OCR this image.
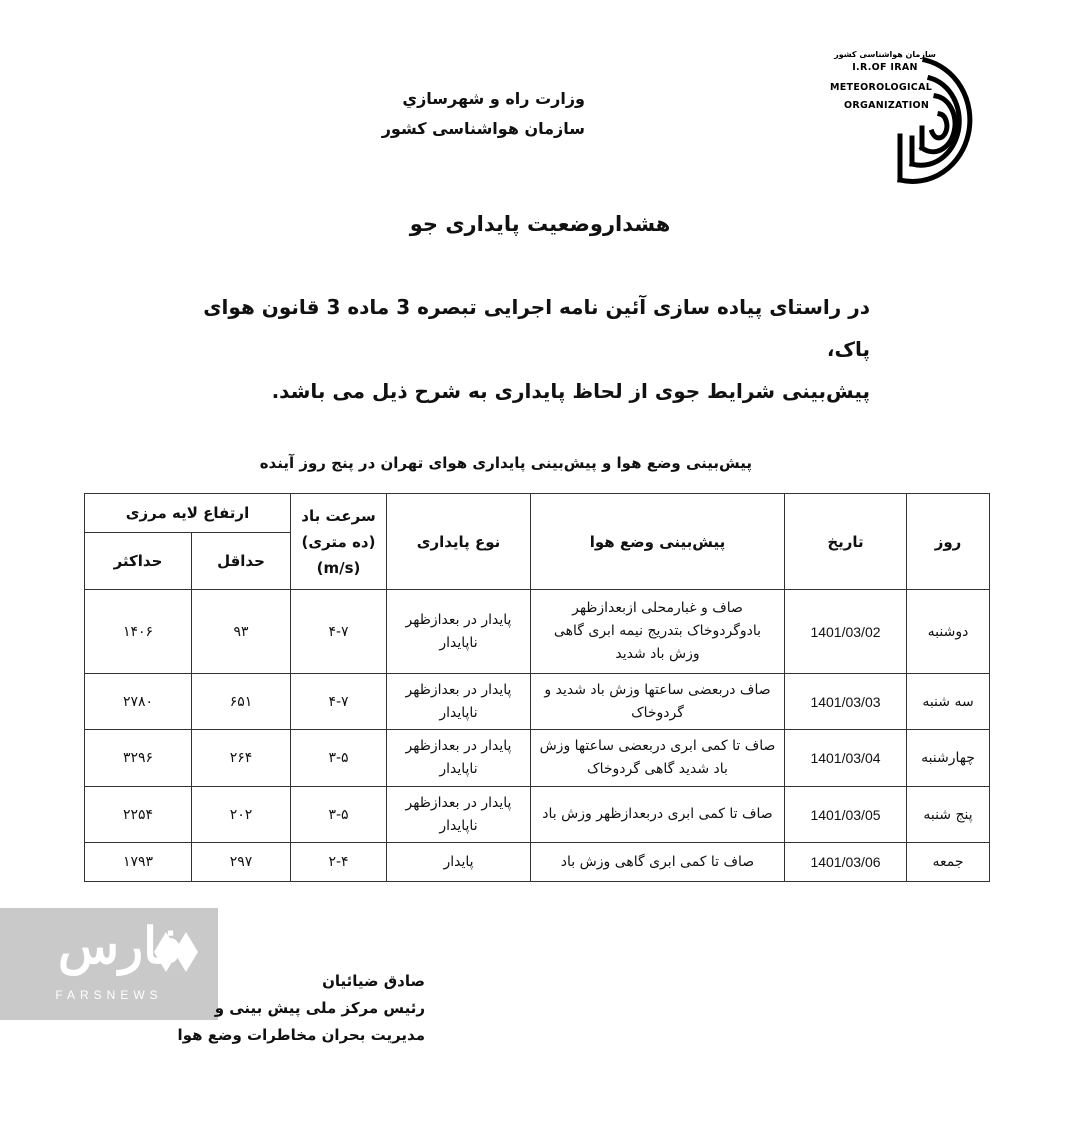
وزارت راه و شهرسازي
سازمان هواشناسی کشور
سازمان هواشناسی کشور
I.R.OF IRAN
METEOROLOGICAL
ORGANIZATION
هشداروضعیت پایداری جو
در راستای پیاده سازی آئین نامه اجرایی تبصره 3 ماده 3 قانون هوای پاک،
پیش‌بینی شرایط جوی از لحاظ پایداری به شرح ذیل می باشد.
پیش‌بینی وضع هوا و پیش‌بینی پایداری هوای تهران در پنج روز آینده
روز	تاریخ	پیش‌بینی وضع هوا	نوع پایداری	سرعت باد (ده متری) (m/s)	ارتفاع لایه مرزی	
					حداقل	حداکثر
دوشنبه	1401/03/02	صاف و غبارمحلی ازبعدازظهر بادوگردوخاک بتدریج نیمه ابری گاهی وزش باد شدید	پایدار در بعدازظهر ناپایدار	۴-۷	۹۳	۱۴۰۶
سه شنبه	1401/03/03	صاف دربعضی ساعتها وزش باد شدید و گردوخاک	پایدار در بعدازظهر ناپایدار	۴-۷	۶۵۱	۲۷۸۰
چهارشنبه	1401/03/04	صاف تا کمی ابری دربعضی ساعتها وزش باد شدید گاهی گردوخاک	پایدار در بعدازظهر ناپایدار	۳-۵	۲۶۴	۳۲۹۶
پنج شنبه	1401/03/05	صاف تا کمی ابری دربعدازظهر وزش باد	پایدار در بعدازظهر ناپایدار	۳-۵	۲۰۲	۲۲۵۴
جمعه	1401/03/06	صاف تا کمی ابری گاهی وزش باد	پایدار	۲-۴	۲۹۷	۱۷۹۳
فارس
FARSNEWS
صادق ضیائیان
رئیس مرکز ملی پیش بینی و
مدیریت بحران مخاطرات وضع هوا
